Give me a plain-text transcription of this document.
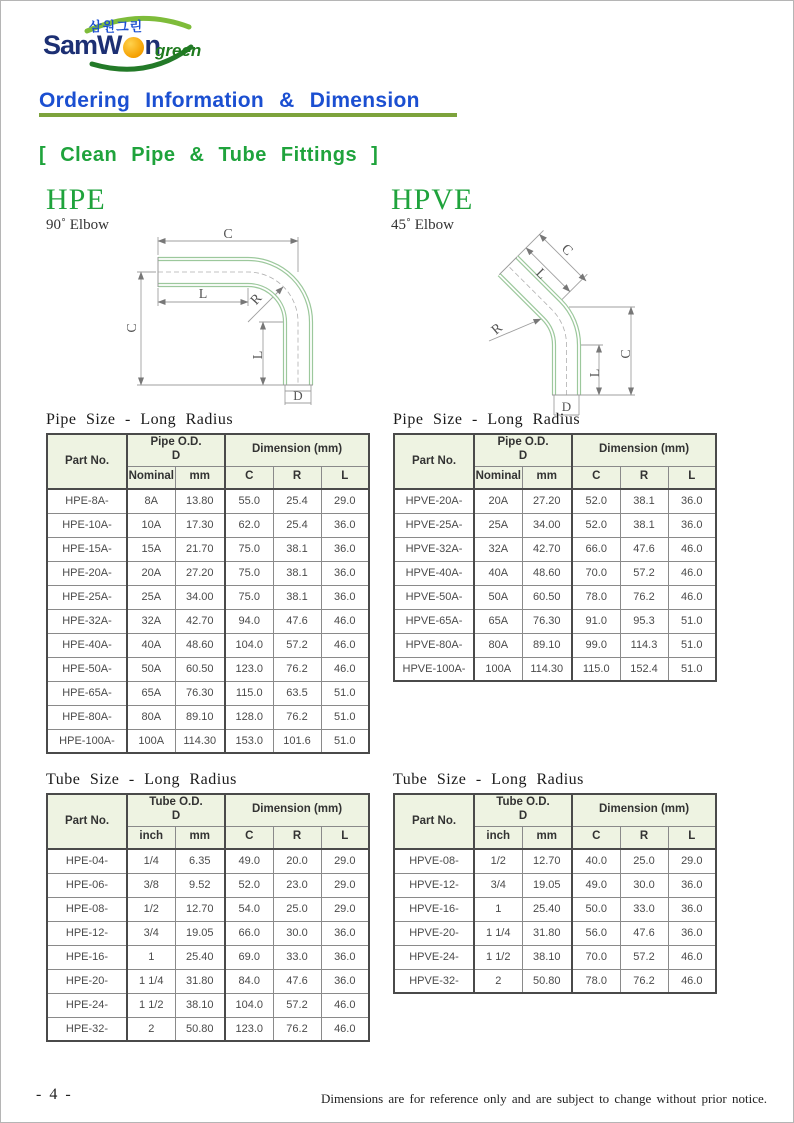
삼원그린
SamW n
green
Ordering Information & Dimension
[ Clean Pipe & Tube Fittings ]
HPE
90˚ Elbow
HPVE
45˚ Elbow
C
C
L	R
L
D
C
L
R
L
C
D
Pipe Size - Long Radius
Part No.	Pipe O.D.
D		Dimension (mm)		
	Nominal	mm	C	R	L
HPE-8A-	8A	13.80	55.0	25.4	29.0
HPE-10A-	10A	17.30	62.0	25.4	36.0
HPE-15A-	15A	21.70	75.0	38.1	36.0
HPE-20A-	20A	27.20	75.0	38.1	36.0
HPE-25A-	25A	34.00	75.0	38.1	36.0
HPE-32A-	32A	42.70	94.0	47.6	46.0
HPE-40A-	40A	48.60	104.0	57.2	46.0
HPE-50A-	50A	60.50	123.0	76.2	46.0
HPE-65A-	65A	76.30	115.0	63.5	51.0
HPE-80A-	80A	89.10	128.0	76.2	51.0
HPE-100A-	100A	114.30	153.0	101.6	51.0
Pipe Size - Long Radius
Part No.	Pipe O.D.
D		Dimension (mm)		
	Nominal	mm	C	R	L
HPVE-20A-	20A	27.20	52.0	38.1	36.0
HPVE-25A-	25A	34.00	52.0	38.1	36.0
HPVE-32A-	32A	42.70	66.0	47.6	46.0
HPVE-40A-	40A	48.60	70.0	57.2	46.0
HPVE-50A-	50A	60.50	78.0	76.2	46.0
HPVE-65A-	65A	76.30	91.0	95.3	51.0
HPVE-80A-	80A	89.10	99.0	114.3	51.0
HPVE-100A-	100A	114.30	115.0	152.4	51.0
Tube Size - Long Radius
Part No.	Tube O.D.
D		Dimension (mm)		
	inch	mm	C	R	L
HPE-04-	1/4	6.35	49.0	20.0	29.0
HPE-06-	3/8	9.52	52.0	23.0	29.0
HPE-08-	1/2	12.70	54.0	25.0	29.0
HPE-12-	3/4	19.05	66.0	30.0	36.0
HPE-16-	1	25.40	69.0	33.0	36.0
HPE-20-	1 1/4	31.80	84.0	47.6	36.0
HPE-24-	1 1/2	38.10	104.0	57.2	46.0
HPE-32-	2	50.80	123.0	76.2	46.0
Tube Size - Long Radius
Part No.	Tube O.D.
D		Dimension (mm)		
	inch	mm	C	R	L
HPVE-08-	1/2	12.70	40.0	25.0	29.0
HPVE-12-	3/4	19.05	49.0	30.0	36.0
HPVE-16-	1	25.40	50.0	33.0	36.0
HPVE-20-	1 1/4	31.80	56.0	47.6	36.0
HPVE-24-	1 1/2	38.10	70.0	57.2	46.0
HPVE-32-	2	50.80	78.0	76.2	46.0
- 4 -	Dimensions are for reference only and are subject to change without prior notice.
